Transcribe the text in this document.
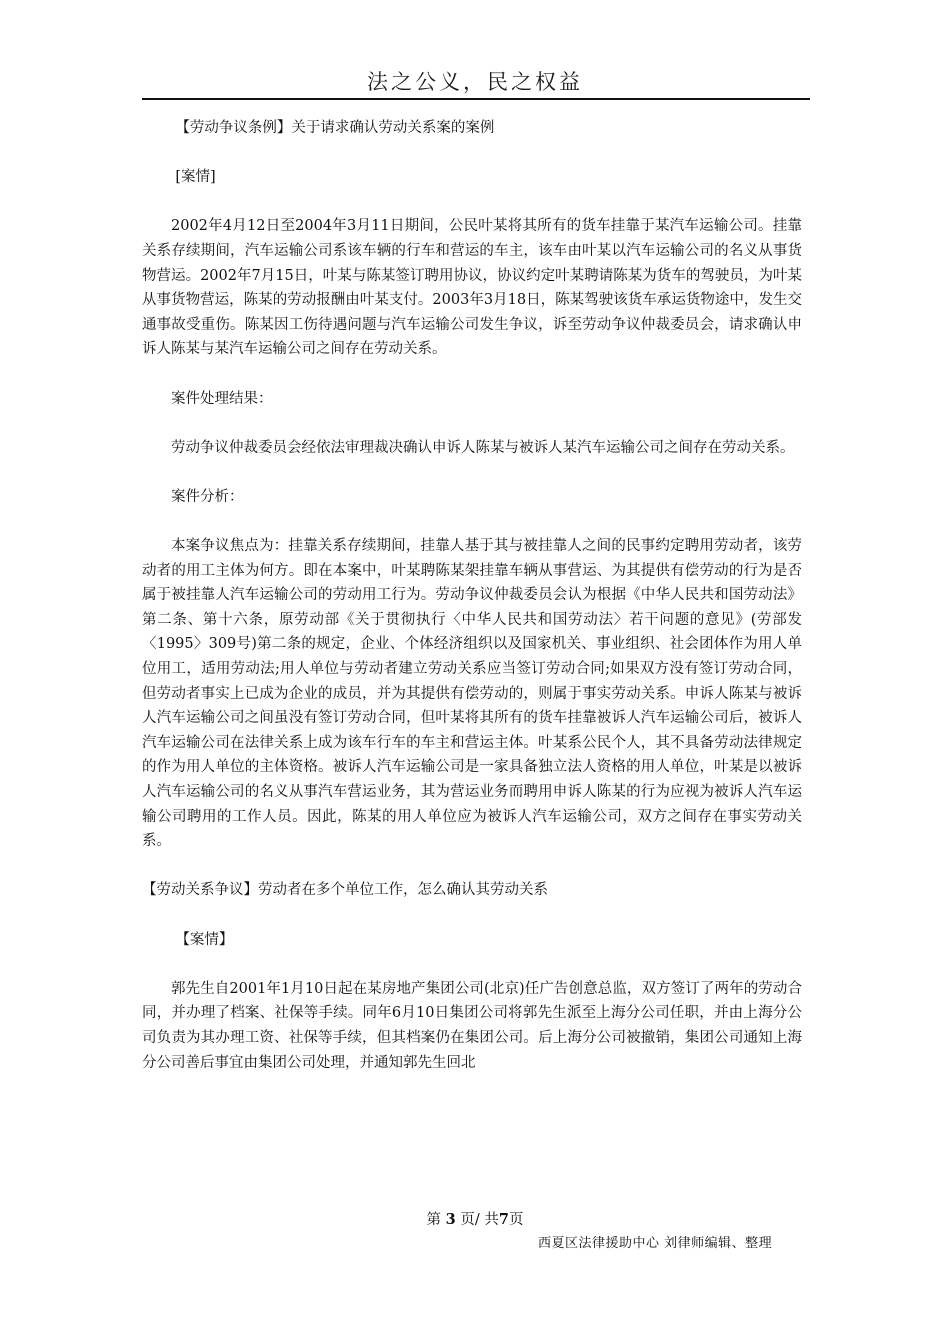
法之公义，民之权益

【劳动争议条例】关于请求确认劳动关系案的案例

[案情]

2002年4月12日至2004年3月11日期间，公民叶某将其所有的货车挂靠于某汽车运输公司。挂靠关系存续期间，汽车运输公司系该车辆的行车和营运的车主，该车由叶某以汽车运输公司的名义从事货物营运。2002年7月15日，叶某与陈某签订聘用协议，协议约定叶某聘请陈某为货车的驾驶员，为叶某从事货物营运，陈某的劳动报酬由叶某支付。2003年3月18日，陈某驾驶该货车承运货物途中，发生交通事故受重伤。陈某因工伤待遇问题与汽车运输公司发生争议，诉至劳动争议仲裁委员会，请求确认申诉人陈某与某汽车运输公司之间存在劳动关系。

案件处理结果：

劳动争议仲裁委员会经依法审理裁决确认申诉人陈某与被诉人某汽车运输公司之间存在劳动关系。

案件分析：

本案争议焦点为：挂靠关系存续期间，挂靠人基于其与被挂靠人之间的民事约定聘用劳动者，该劳动者的用工主体为何方。即在本案中，叶某聘陈某架挂靠车辆从事营运、为其提供有偿劳动的行为是否属于被挂靠人汽车运输公司的劳动用工行为。劳动争议仲裁委员会认为根据《中华人民共和国劳动法》第二条、第十六条，原劳动部《关于贯彻执行〈中华人民共和国劳动法〉若干问题的意见》(劳部发〈1995〉309号)第二条的规定，企业、个体经济组织以及国家机关、事业组织、社会团体作为用人单位用工，适用劳动法;用人单位与劳动者建立劳动关系应当签订劳动合同;如果双方没有签订劳动合同，但劳动者事实上已成为企业的成员，并为其提供有偿劳动的，则属于事实劳动关系。申诉人陈某与被诉人汽车运输公司之间虽没有签订劳动合同，但叶某将其所有的货车挂靠被诉人汽车运输公司后，被诉人汽车运输公司在法律关系上成为该车行车的车主和营运主体。叶某系公民个人，其不具备劳动法律规定的作为用人单位的主体资格。被诉人汽车运输公司是一家具备独立法人资格的用人单位，叶某是以被诉人汽车运输公司的名义从事汽车营运业务，其为营运业务而聘用申诉人陈某的行为应视为被诉人汽车运输公司聘用的工作人员。因此，陈某的用人单位应为被诉人汽车运输公司，双方之间存在事实劳动关系。

【劳动关系争议】劳动者在多个单位工作，怎么确认其劳动关系

【案情】

郭先生自2001年1月10日起在某房地产集团公司(北京)任广告创意总监，双方签订了两年的劳动合同，并办理了档案、社保等手续。同年6月10日集团公司将郭先生派至上海分公司任职，并由上海分公司负责为其办理工资、社保等手续，但其档案仍在集团公司。后上海分公司被撤销，集团公司通知上海分公司善后事宜由集团公司处理，并通知郭先生回北

第 3 页/ 共7页
西夏区法律援助中心 刘律师编辑、整理
